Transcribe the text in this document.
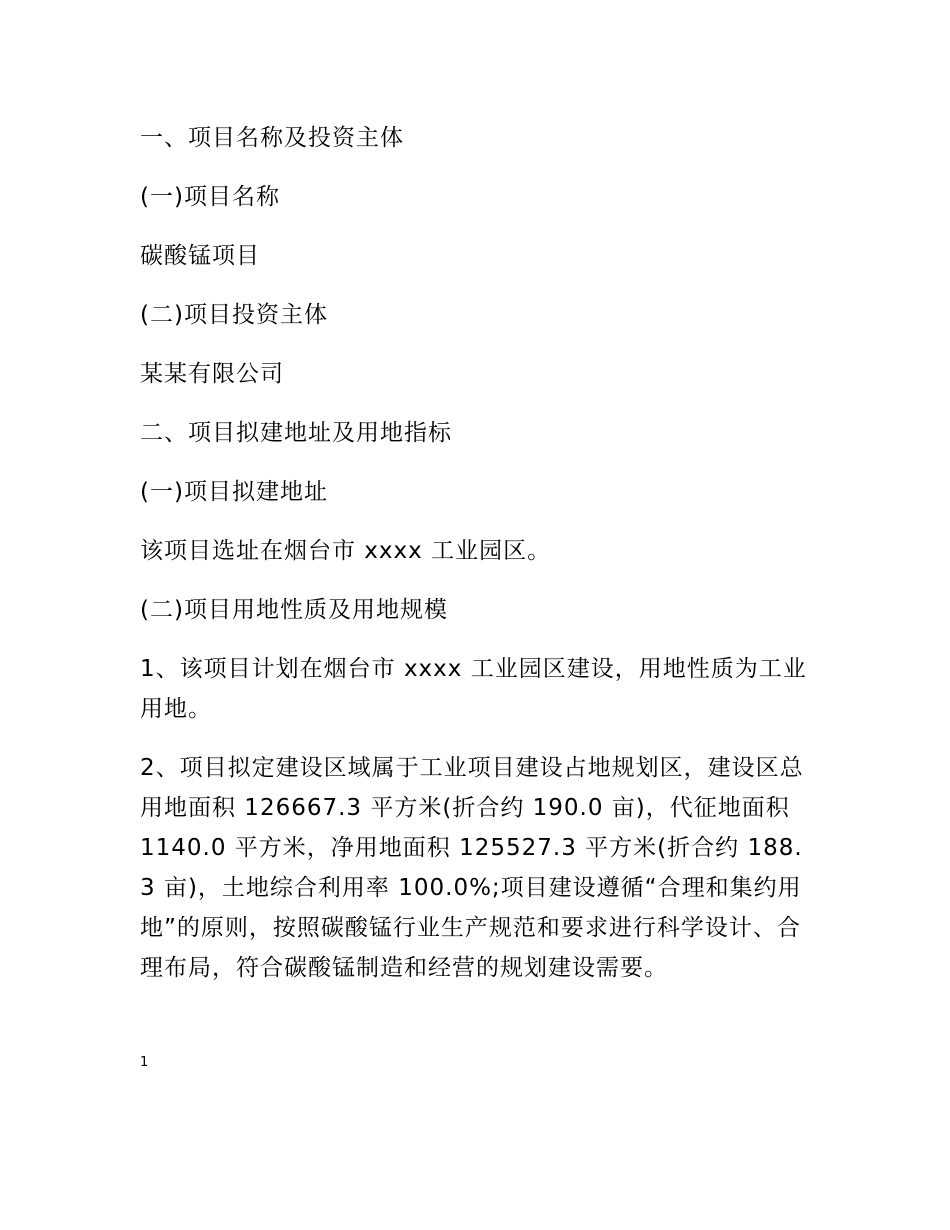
一、项目名称及投资主体

(一)项目名称

碳酸锰项目

(二)项目投资主体

某某有限公司

二、项目拟建地址及用地指标

(一)项目拟建地址

该项目选址在烟台市 xxxx 工业园区。

(二)项目用地性质及用地规模

1、该项目计划在烟台市 xxxx 工业园区建设，用地性质为工业用地。

2、项目拟定建设区域属于工业项目建设占地规划区，建设区总用地面积 126667.3 平方米(折合约 190.0 亩)，代征地面积 1140.0 平方米，净用地面积 125527.3 平方米(折合约 188.3 亩)，土地综合利用率 100.0%;项目建设遵循“合理和集约用地”的原则，按照碳酸锰行业生产规范和要求进行科学设计、合理布局，符合碳酸锰制造和经营的规划建设需要。

1
